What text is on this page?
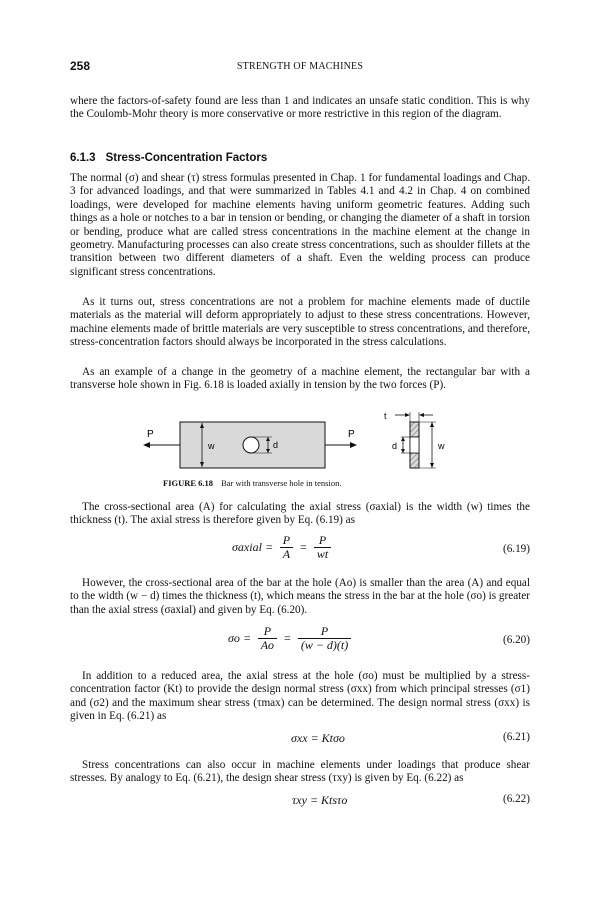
258	STRENGTH OF MACHINES

where the factors-of-safety found are less than 1 and indicates an unsafe static condition. This is why the Coulomb-Mohr theory is more conservative or more restrictive in this region of the diagram.

6.1.3 Stress-Concentration Factors

The normal (σ) and shear (τ) stress formulas presented in Chap. 1 for fundamental loadings and Chap. 3 for advanced loadings, and that were summarized in Tables 4.1 and 4.2 in Chap. 4 on combined loadings, were developed for machine elements having uniform geometric features. Adding such things as a hole or notches to a bar in tension or bending, or changing the diameter of a shaft in torsion or bending, produce what are called stress concentrations in the machine element at the change in geometry. Manufacturing processes can also create stress concentrations, such as shoulder fillets at the transition between two different diameters of a shaft. Even the welding process can produce significant stress concentrations.

As it turns out, stress concentrations are not a problem for machine elements made of ductile materials as the material will deform appropriately to adjust to these stress concentrations. However, machine elements made of brittle materials are very susceptible to stress concentrations, and therefore, stress-concentration factors should always be incorporated in the stress calculations.

As an example of a change in the geometry of a machine element, the rectangular bar with a transverse hole shown in Fig. 6.18 is loaded axially in tension by the two forces (P).

P	P
w	d
t
d	w
FIGURE 6.18 Bar with transverse hole in tension.

The cross-sectional area (A) for calculating the axial stress (σaxial) is the width (w) times the thickness (t). The axial stress is therefore given by Eq. (6.19) as

σaxial = $\frac{P}{A} = \frac{P}{wt}$	(6.19)

However, the cross-sectional area of the bar at the hole (Ao) is smaller than the area (A) and equal to the width (w − d) times the thickness (t), which means the stress in the bar at the hole (σo) is greater than the axial stress (σaxial) and given by Eq. (6.20).

$\sigma o = \frac{P}{Ao} = \frac{P}{(w - d)(t)}$	(6.20)

In addition to a reduced area, the axial stress at the hole (σo) must be multiplied by a stress-concentration factor (Kt) to provide the design normal stress (σxx) from which principal stresses (σ1) and (σ2) and the maximum shear stress (τmax) can be determined. The design normal stress (σxx) is given in Eq. (6.21) as

σxx = Ktσo	(6.21)

Stress concentrations can also occur in machine elements under loadings that produce shear stresses. By analogy to Eq. (6.21), the design shear stress (τxy) is given by Eq. (6.22) as

τxy = Ktsτo	(6.22)
